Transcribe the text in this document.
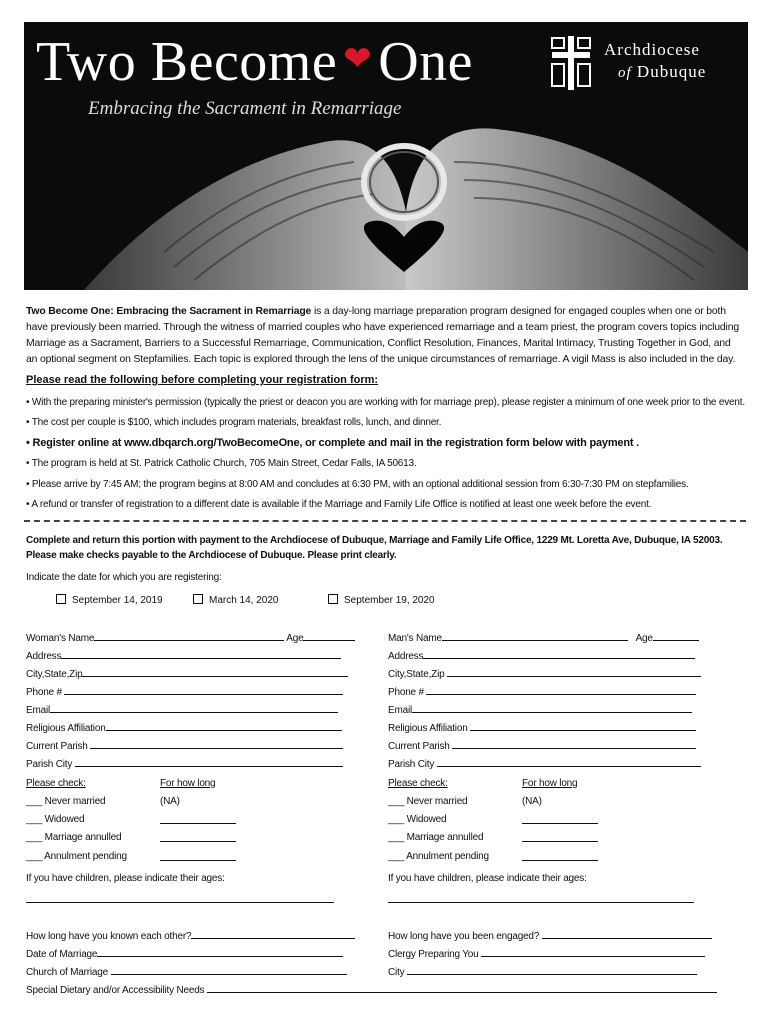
Two Become ❤ One
Embracing the Sacrament in Remarriage
Archdiocese
of Dubuque
Two Become One: Embracing the Sacrament in Remarriage is a day-long marriage preparation program designed for engaged couples when one or both have previously been married. Through the witness of married couples who have experienced remarriage and a team priest, the program covers topics including Marriage as a Sacrament, Barriers to a Successful Remarriage, Communication, Conflict Resolution, Finances, Marital Intimacy, Trusting Together in God, and an optional segment on Stepfamilies. Each topic is explored through the lens of the unique circumstances of remarriage. A vigil Mass is also included in the day.
Please read the following before completing your registration form:
• With the preparing minister's permission (typically the priest or deacon you are working with for marriage prep), please register a minimum of one week prior to the event.
• The cost per couple is $100, which includes program materials, breakfast rolls, lunch, and dinner.
• Register online at www.dbqarch.org/TwoBecomeOne, or complete and mail in the registration form below with payment .
• The program is held at St. Patrick Catholic Church, 705 Main Street, Cedar Falls, IA 50613.
• Please arrive by 7:45 AM; the program begins at 8:00 AM and concludes at 6:30 PM, with an optional additional session from 6:30-7:30 PM on stepfamilies.
• A refund or transfer of registration to a different date is available if the Marriage and Family Life Office is notified at least one week before the event.
Complete and return this portion with payment to the Archdiocese of Dubuque, Marriage and Family Life Office, 1229 Mt. Loretta Ave, Dubuque, IA 52003. Please make checks payable to the Archdiocese of Dubuque. Please print clearly.
Indicate the date for which you are registering:
September 14, 2019	March 14, 2020	September 19, 2020
Woman's Name	Age
Address
City,State,Zip
Phone #
Email
Religious Affiliation
Current Parish
Parish City
Please check:	For how long
___ Never married	(NA)
___ Widowed
___ Marriage annulled
___ Annulment pending
If you have children, please indicate their ages:
Man's Name	Age
Address
City,State,Zip
Phone #
Email
Religious Affiliation
Current Parish
Parish City
Please check:	For how long
___ Never married	(NA)
___ Widowed
___ Marriage annulled
___ Annulment pending
If you have children, please indicate their ages:
How long have you known each other?
Date of Marriage
Church of Marriage
How long have you been engaged?
Clergy Preparing You
City
Special Dietary and/or Accessibility Needs
